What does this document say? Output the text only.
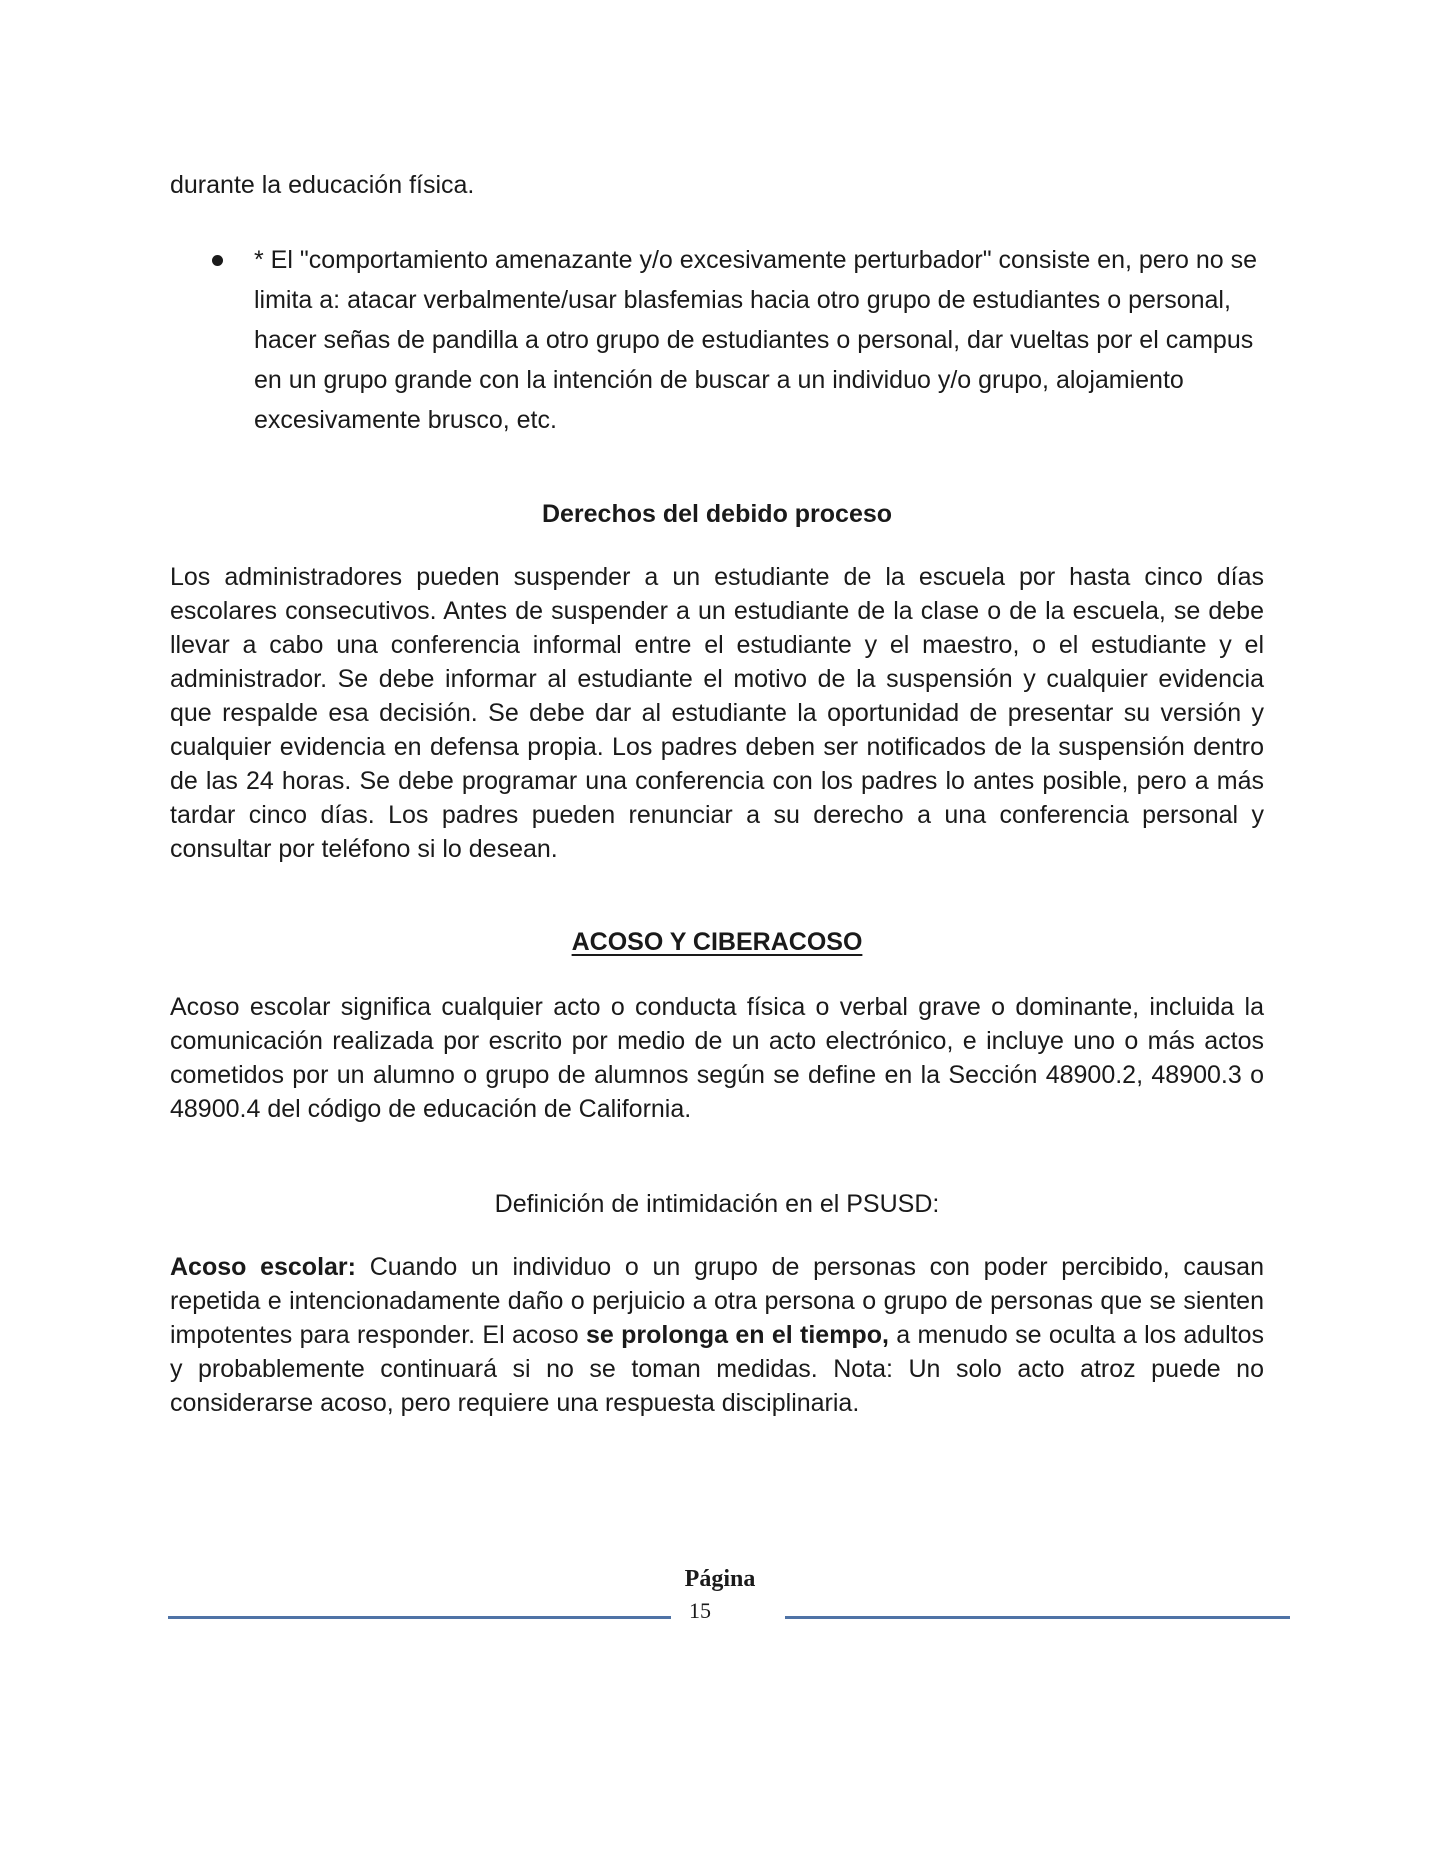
durante la educación física.
* El "comportamiento amenazante y/o excesivamente perturbador" consiste en, pero no se limita a: atacar verbalmente/usar blasfemias hacia otro grupo de estudiantes o personal, hacer señas de pandilla a otro grupo de estudiantes o personal, dar vueltas por el campus en un grupo grande con la intención de buscar a un individuo y/o grupo, alojamiento excesivamente brusco, etc.
Derechos del debido proceso
Los administradores pueden suspender a un estudiante de la escuela por hasta cinco días escolares consecutivos. Antes de suspender a un estudiante de la clase o de la escuela, se debe llevar a cabo una conferencia informal entre el estudiante y el maestro, o el estudiante y el administrador. Se debe informar al estudiante el motivo de la suspensión y cualquier evidencia que respalde esa decisión. Se debe dar al estudiante la oportunidad de presentar su versión y cualquier evidencia en defensa propia. Los padres deben ser notificados de la suspensión dentro de las 24 horas. Se debe programar una conferencia con los padres lo antes posible, pero a más tardar cinco días. Los padres pueden renunciar a su derecho a una conferencia personal y consultar por teléfono si lo desean.
ACOSO Y CIBERACOSO
Acoso escolar significa cualquier acto o conducta física o verbal grave o dominante, incluida la comunicación realizada por escrito por medio de un acto electrónico, e incluye uno o más actos cometidos por un alumno o grupo de alumnos según se define en la Sección 48900.2, 48900.3 o 48900.4 del código de educación de California.
Definición de intimidación en el PSUSD:
Acoso escolar: Cuando un individuo o un grupo de personas con poder percibido, causan repetida e intencionadamente daño o perjuicio a otra persona o grupo de personas que se sienten impotentes para responder. El acoso se prolonga en el tiempo, a menudo se oculta a los adultos y probablemente continuará si no se toman medidas. Nota: Un solo acto atroz puede no considerarse acoso, pero requiere una respuesta disciplinaria.
Página
15
